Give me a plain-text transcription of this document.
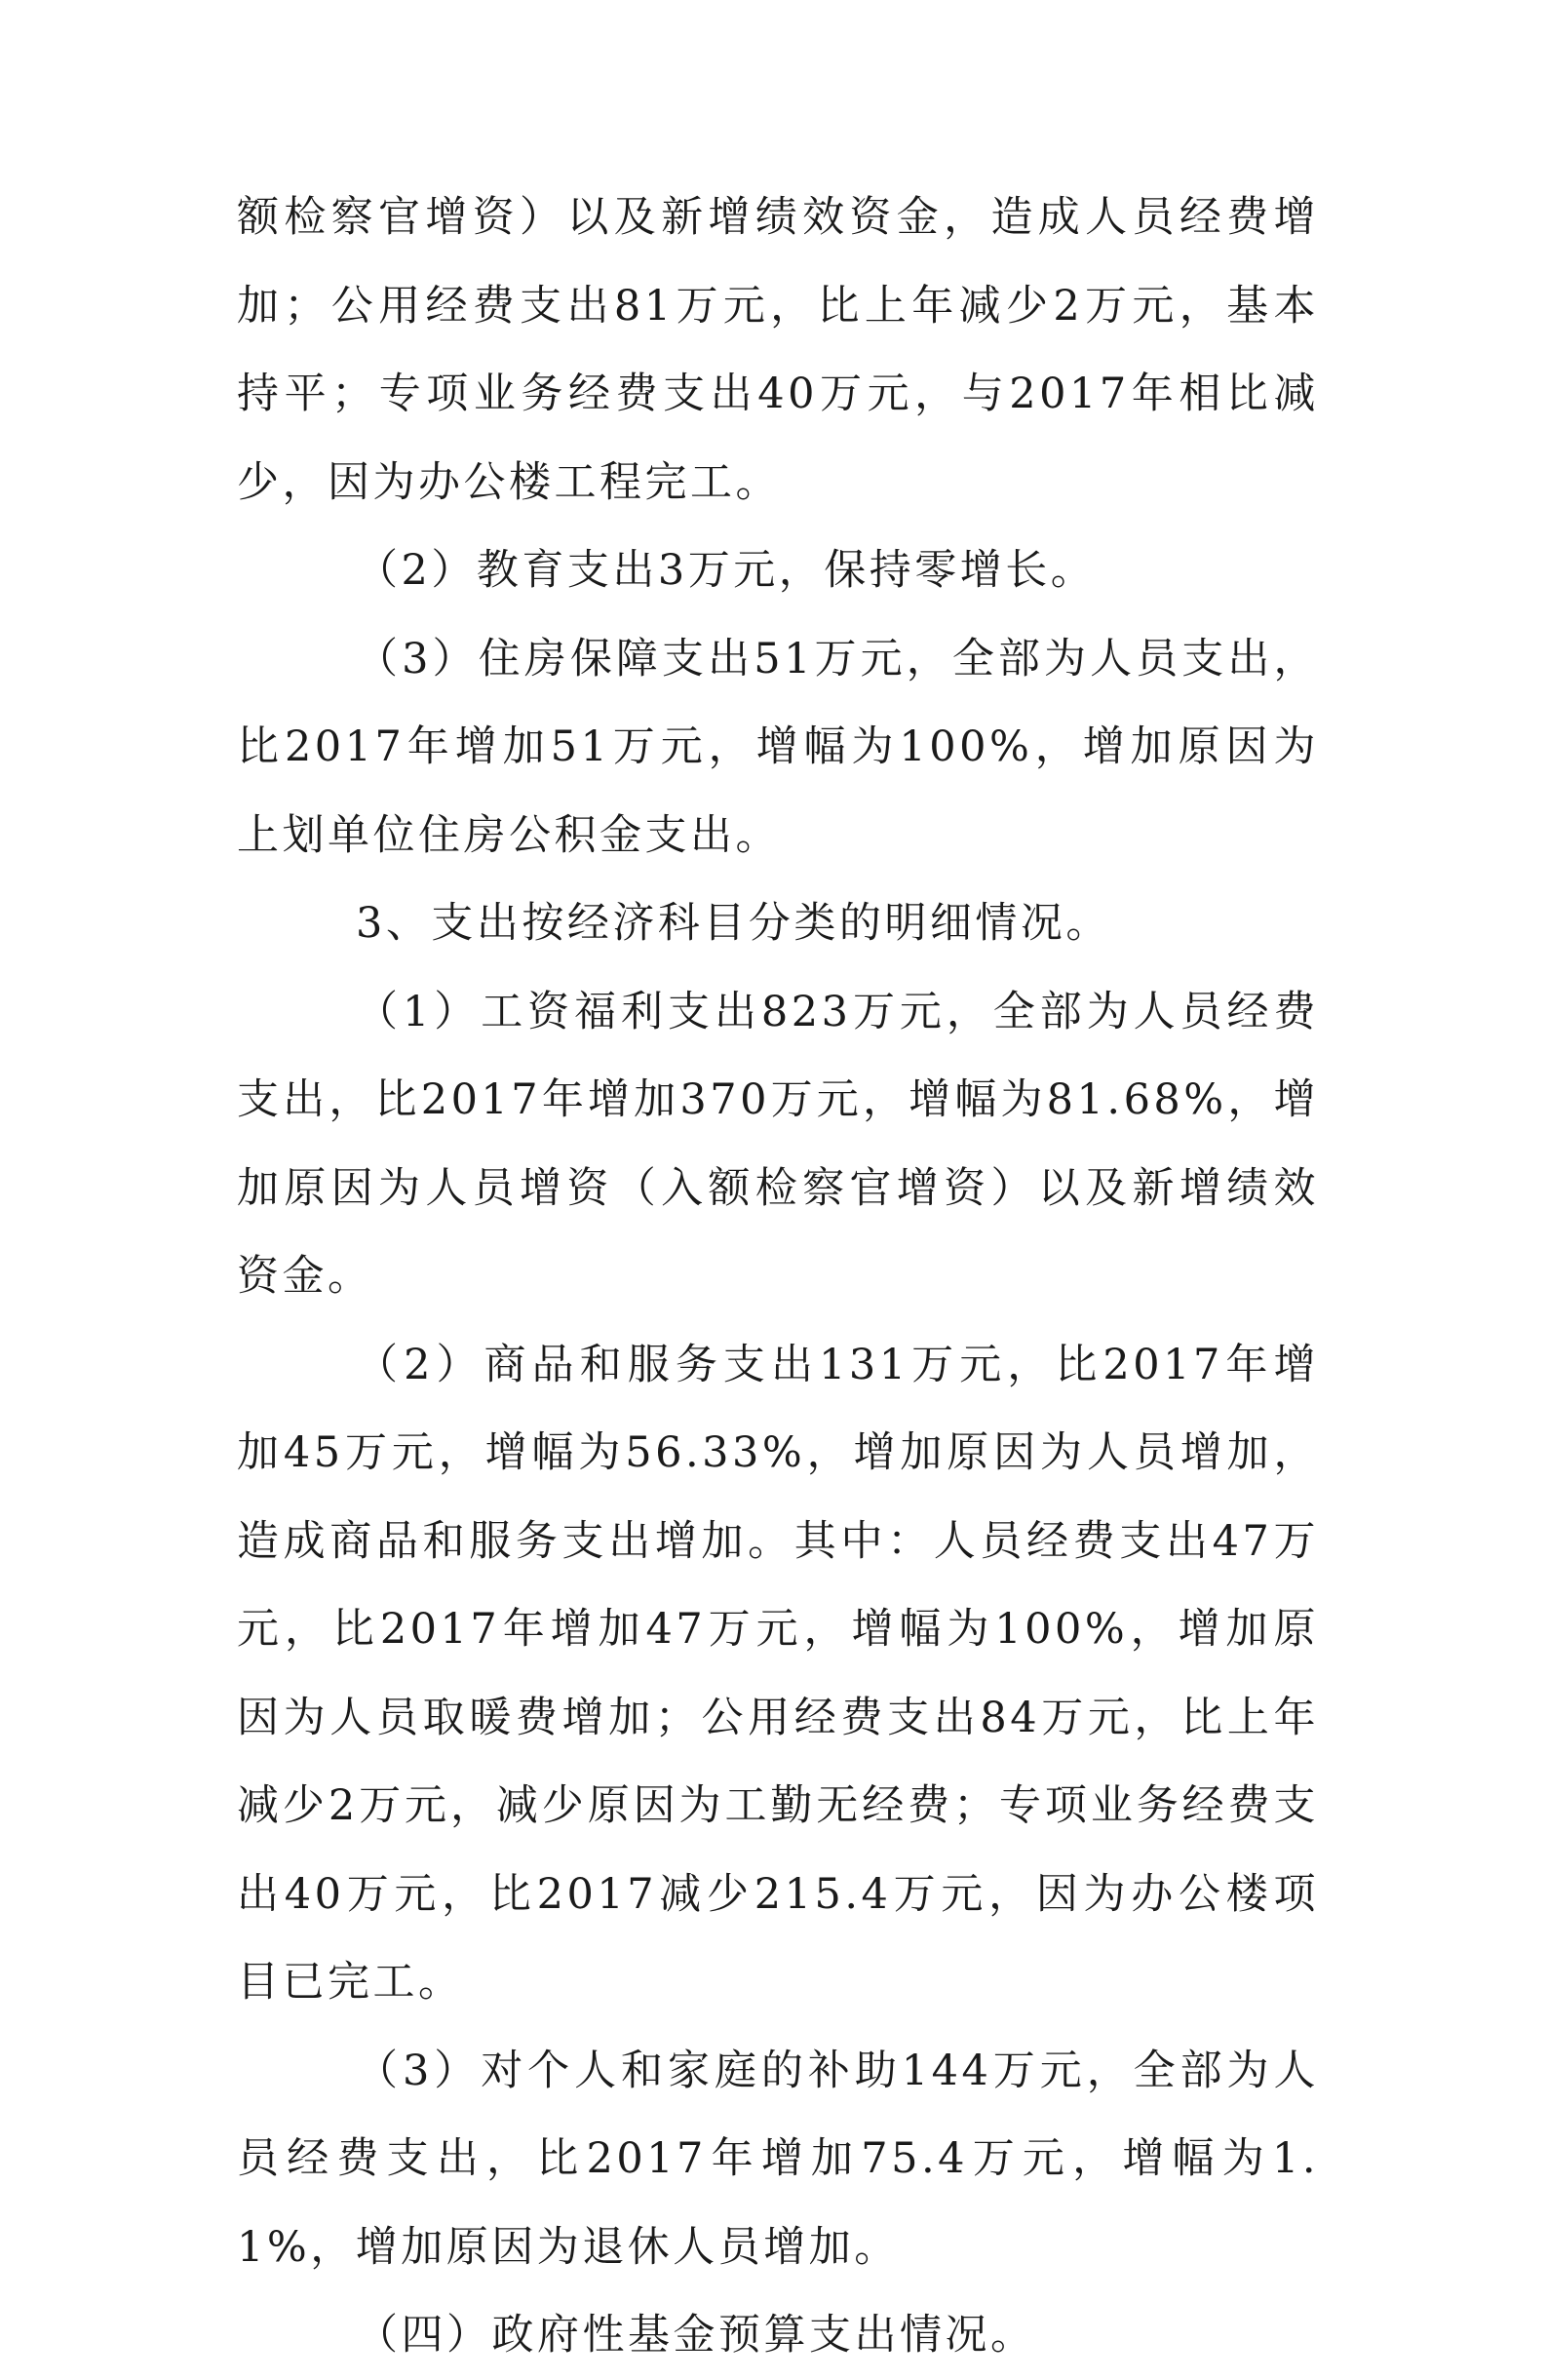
额检察官增资）以及新增绩效资金，造成人员经费增加；公用经费支出81万元，比上年减少2万元，基本持平；专项业务经费支出40万元，与2017年相比减少，因为办公楼工程完工。

（2）教育支出3万元，保持零增长。

（3）住房保障支出51万元，全部为人员支出，比2017年增加51万元，增幅为100%，增加原因为上划单位住房公积金支出。

3、支出按经济科目分类的明细情况。

（1）工资福利支出823万元，全部为人员经费支出，比2017年增加370万元，增幅为81.68%，增加原因为人员增资（入额检察官增资）以及新增绩效资金。

（2）商品和服务支出131万元，比2017年增加45万元，增幅为56.33%，增加原因为人员增加，造成商品和服务支出增加。其中：人员经费支出47万元，比2017年增加47万元，增幅为100%，增加原因为人员取暖费增加；公用经费支出84万元，比上年减少2万元，减少原因为工勤无经费；专项业务经费支出40万元，比2017减少215.4万元，因为办公楼项目已完工。

（3）对个人和家庭的补助144万元，全部为人员经费支出，比2017年增加75.4万元，增幅为1.1%，增加原因为退休人员增加。

（四）政府性基金预算支出情况。
